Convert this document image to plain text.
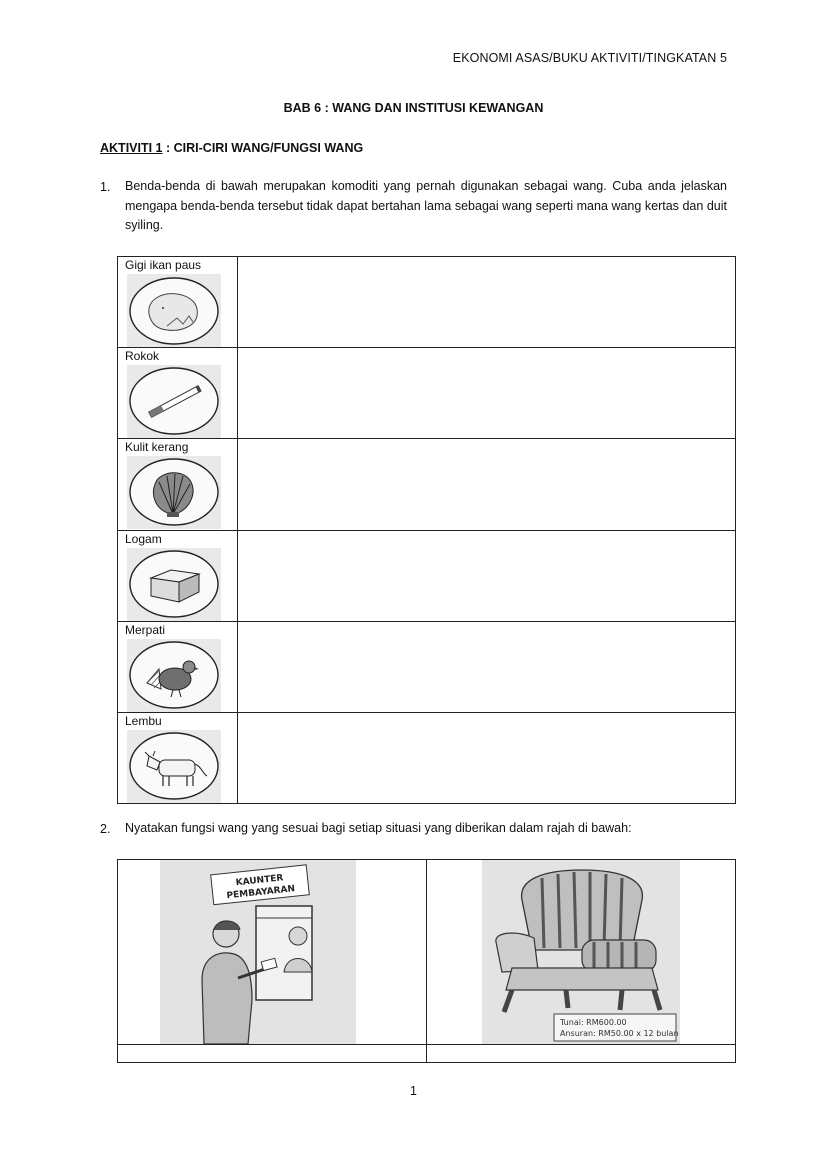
EKONOMI ASAS/BUKU AKTIVITI/TINGKATAN 5
BAB 6 : WANG DAN INSTITUSI KEWANGAN
AKTIVITI 1 : CIRI-CIRI WANG/FUNGSI WANG
1. Benda-benda di bawah merupakan komoditi yang pernah digunakan sebagai wang. Cuba anda jelaskan mengapa benda-benda tersebut tidak dapat bertahan lama sebagai wang seperti mana wang kertas dan duit syiling.
Gigi ikan paus	

Rokok	

Kulit kerang	

Logam	

Merpati	

Lembu	

2. Nyatakan fungsi wang yang sesuai bagi setiap situasi yang diberikan dalam rajah di bawah:
KAUNTER
PEMBAYARAN	Tunai: RM600.00
Ansuran: RM50.00 x 12 bulan

1
